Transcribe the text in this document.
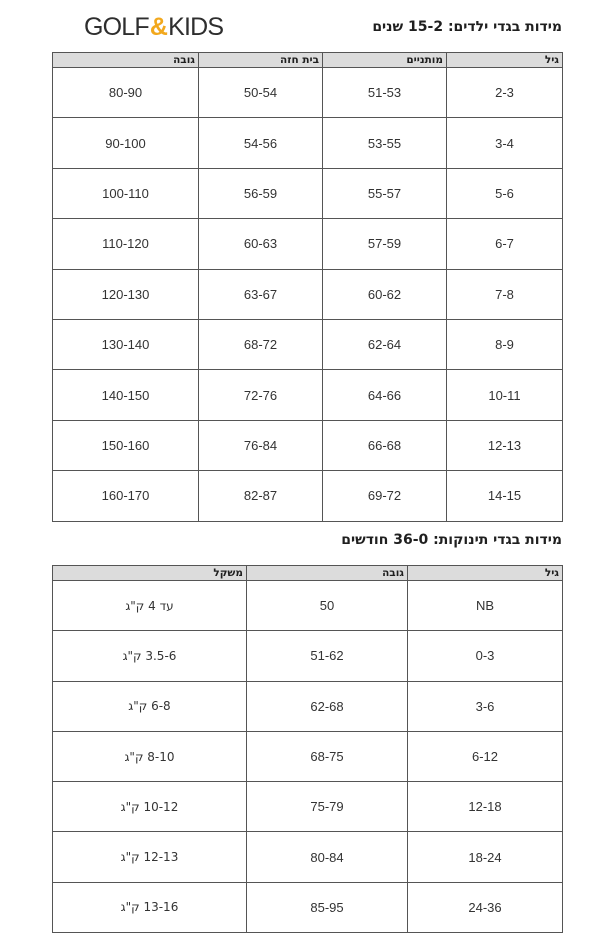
GOLF & KIDS	מידות בגדי ילדים: 15-2 שנים
גיל	מותניים	בית חזה	גובה
2-3	51-53	50-54	80-90
3-4	53-55	54-56	90-100
5-6	55-57	56-59	100-110
6-7	57-59	60-63	110-120
7-8	60-62	63-67	120-130
8-9	62-64	68-72	130-140
10-11	64-66	72-76	140-150
12-13	66-68	76-84	150-160
14-15	69-72	82-87	160-170
מידות בגדי תינוקות: 36-0 חודשים
גיל	גובה	משקל
NB	50	עד 4 ק"ג
0-3	51-62	3.5-6 ק"ג
3-6	62-68	6-8 ק"ג
6-12	68-75	8-10 ק"ג
12-18	75-79	10-12 ק"ג
18-24	80-84	12-13 ק"ג
24-36	85-95	13-16 ק"ג
